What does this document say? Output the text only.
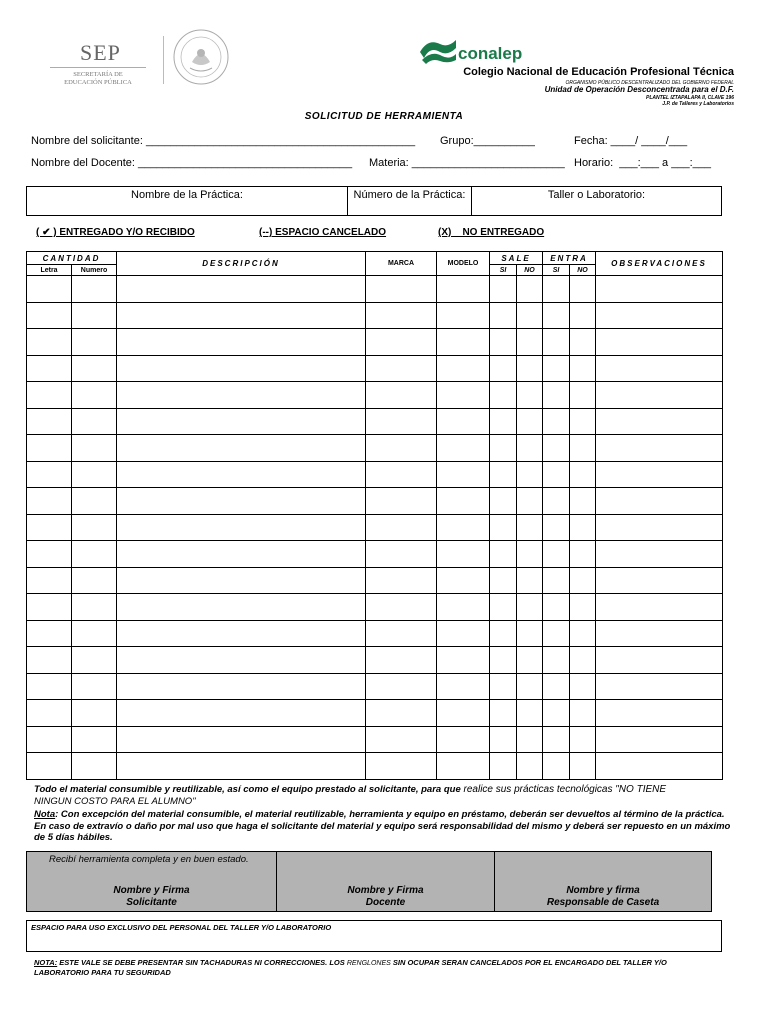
SEP
SECRETARÍA DE
EDUCACIÓN PÚBLICA
conalep
Colegio Nacional de Educación Profesional Técnica
ORGANISMO PÚBLICO DESCENTRALIZADO DEL GOBIERNO FEDERAL
Unidad de Operación Desconcentrada para el D.F.
PLANTEL IZTAPALAPA II, CLAVE 196
J.P. de Talleres y Laboratorios
SOLICITUD DE HERRAMIENTA
Nombre del solicitante: ____________________________________________ Grupo:__________	Fecha: ____/ ____/___
Nombre del Docente: ___________________________________ Materia: _________________________ Horario:  ___:___ a ___:___
Nombre de la Práctica:	Número de la Práctica:	Taller o Laboratorio:
( ✔ ) ENTREGADO Y/O RECIBIDO	(--) ESPACIO CANCELADO	(X)    NO ENTREGADO
CANTIDAD		DESCRIPCIÓN	MARCA	MODELO	SALE		ENTRA		OBSERVACIONES
Letra	Numero				SI	NO	SI	NO	

Todo el material consumible y reutilizable, así como el equipo prestado al solicitante, para que realice sus prácticas tecnológicas "NO TIENE
NINGUN COSTO PARA EL ALUMNO"
Nota: Con excepción del material consumible, el material reutilizable, herramienta y equipo en préstamo, deberán ser devueltos al término de la práctica. En caso de extravío o daño por mal uso que haga el solicitante del material y equipo será responsabilidad del mismo y deberá ser repuesto en un máximo de 5 días hábiles.
Recibí herramienta completa y en buen estado.
Nombre y Firma
Solicitante
Nombre y Firma
Docente
Nombre y firma
Responsable de Caseta
ESPACIO PARA USO EXCLUSIVO DEL PERSONAL DEL TALLER Y/O LABORATORIO
NOTA: ESTE VALE SE DEBE PRESENTAR SIN TACHADURAS NI CORRECCIONES. LOS RENGLONES SIN OCUPAR SERAN CANCELADOS POR EL ENCARGADO DEL TALLER Y/O LABORATORIO PARA TU SEGURIDAD
